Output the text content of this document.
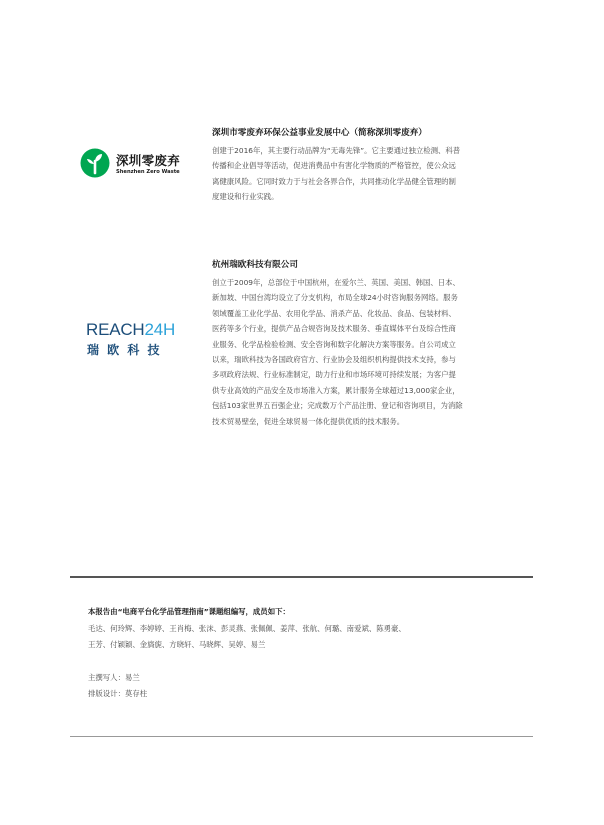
深圳零废弃
Shenzhen Zero Waste
深圳市零废弃环保公益事业发展中心（简称深圳零废弃）
创建于2016年，其主要行动品牌为“无毒先锋”。它主要通过独立检测、科普
传播和企业倡导等活动，促进消费品中有害化学物质的严格管控，使公众远
离健康风险。它同时致力于与社会各界合作，共同推动化学品健全管理的制
度建设和行业实践。
REACH24H
瑞 欧 科 技
杭州瑞欧科技有限公司
创立于2009年，总部位于中国杭州，在爱尔兰、英国、美国、韩国、日本、
新加坡、中国台湾均设立了分支机构，布局全球24小时咨询服务网络。服务
领域覆盖工业化学品、农用化学品、消杀产品、化妆品、食品、包装材料、
医药等多个行业，提供产品合规咨询及技术服务、垂直媒体平台及综合性商
业服务、化学品检验检测、安全咨询和数字化解决方案等服务。自公司成立
以来，瑞欧科技为各国政府官方、行业协会及组织机构提供技术支持，参与
多项政府法规、行业标准制定，助力行业和市场环境可持续发展；为客户提
供专业高效的产品安全及市场准入方案，累计服务全球超过13,000家企业，
包括103家世界五百强企业；完成数万个产品注册、登记和咨询项目，为消除
技术贸易壁垒，促进全球贸易一体化提供优质的技术服务。
本报告由“电商平台化学品管理指南”课题组编写，成员如下：
毛达、何玲辉、李婷婷、王肖梅、张沫、彭灵燕、张佩佩、姜萍、张航、何璐、南爱斌、陈勇豪、
王芳、付颖颖、金旖旎、方晓轩、马晓辉、吴婷、易兰
主撰写人：易兰
排版设计：莫存柱
